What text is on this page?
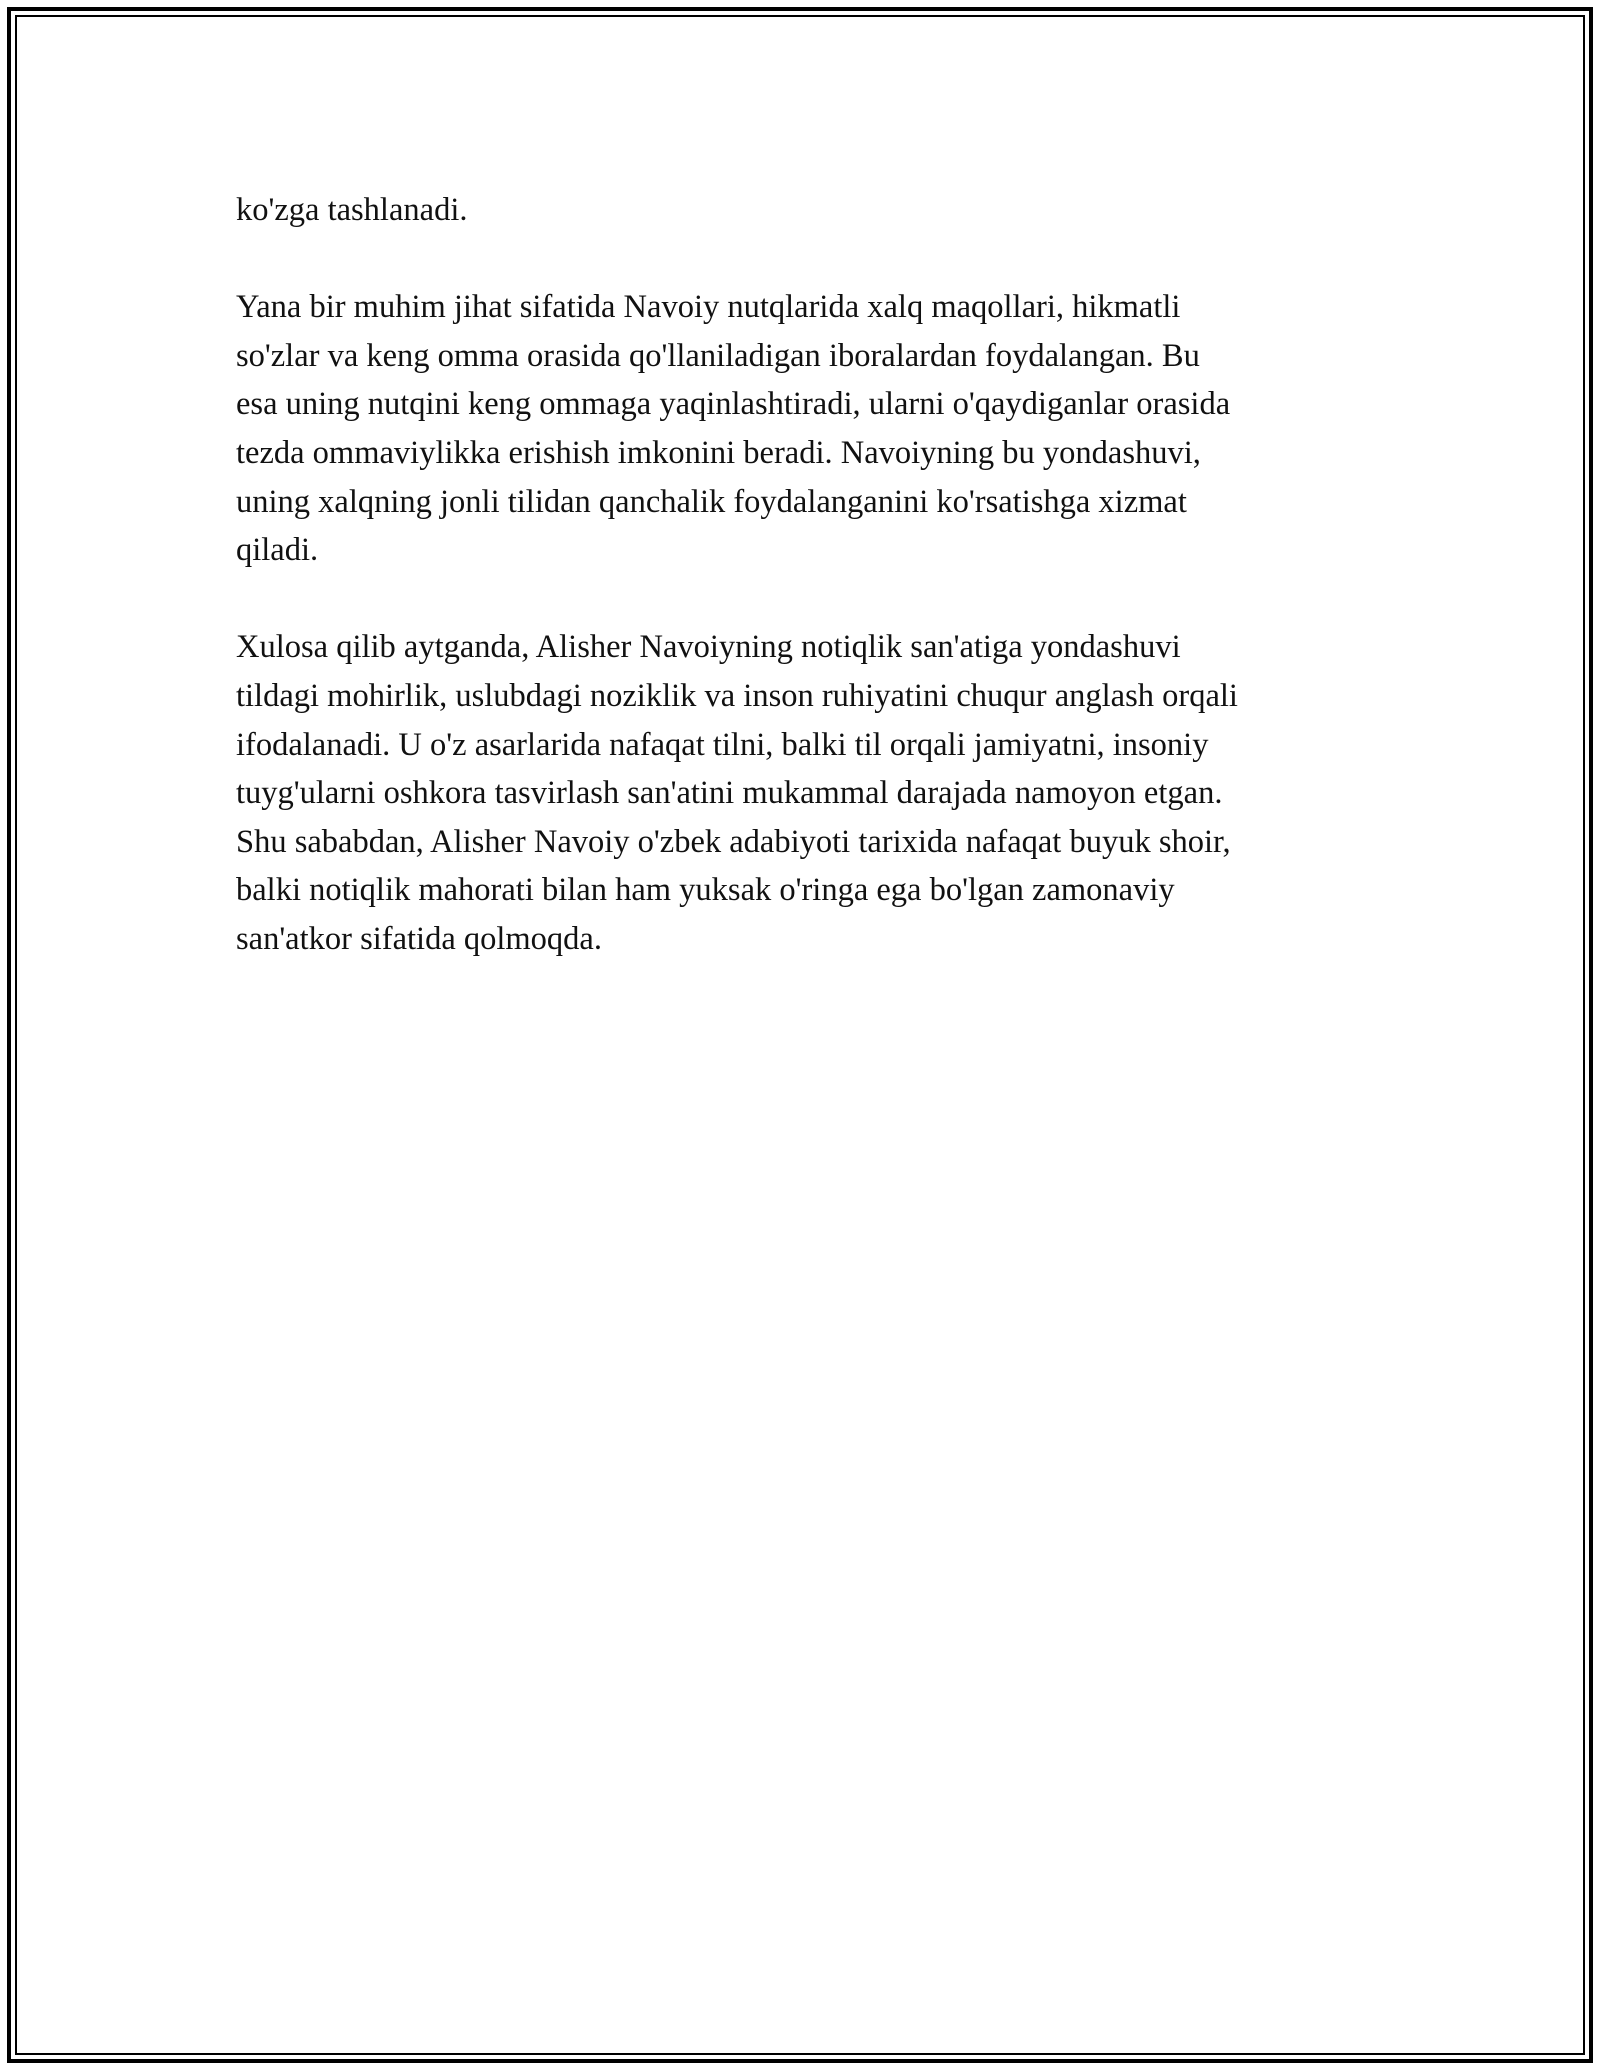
ko'zga tashlanadi.

Yana bir muhim jihat sifatida Navoiy nutqlarida xalq maqollari, hikmatli
so'zlar va keng omma orasida qo'llaniladigan iboralardan foydalangan. Bu
esa uning nutqini keng ommaga yaqinlashtiradi, ularni o'qaydiganlar orasida
tezda ommaviylikka erishish imkonini beradi. Navoiyning bu yondashuvi,
uning xalqning jonli tilidan qanchalik foydalanganini ko'rsatishga xizmat
qiladi.

Xulosa qilib aytganda, Alisher Navoiyning notiqlik san'atiga yondashuvi
tildagi mohirlik, uslubdagi noziklik va inson ruhiyatini chuqur anglash orqali
ifodalanadi. U o'z asarlarida nafaqat tilni, balki til orqali jamiyatni, insoniy
tuyg'ularni oshkora tasvirlash san'atini mukammal darajada namoyon etgan.
Shu sababdan, Alisher Navoiy o'zbek adabiyoti tarixida nafaqat buyuk shoir,
balki notiqlik mahorati bilan ham yuksak o'ringa ega bo'lgan zamonaviy
san'atkor sifatida qolmoqda.
